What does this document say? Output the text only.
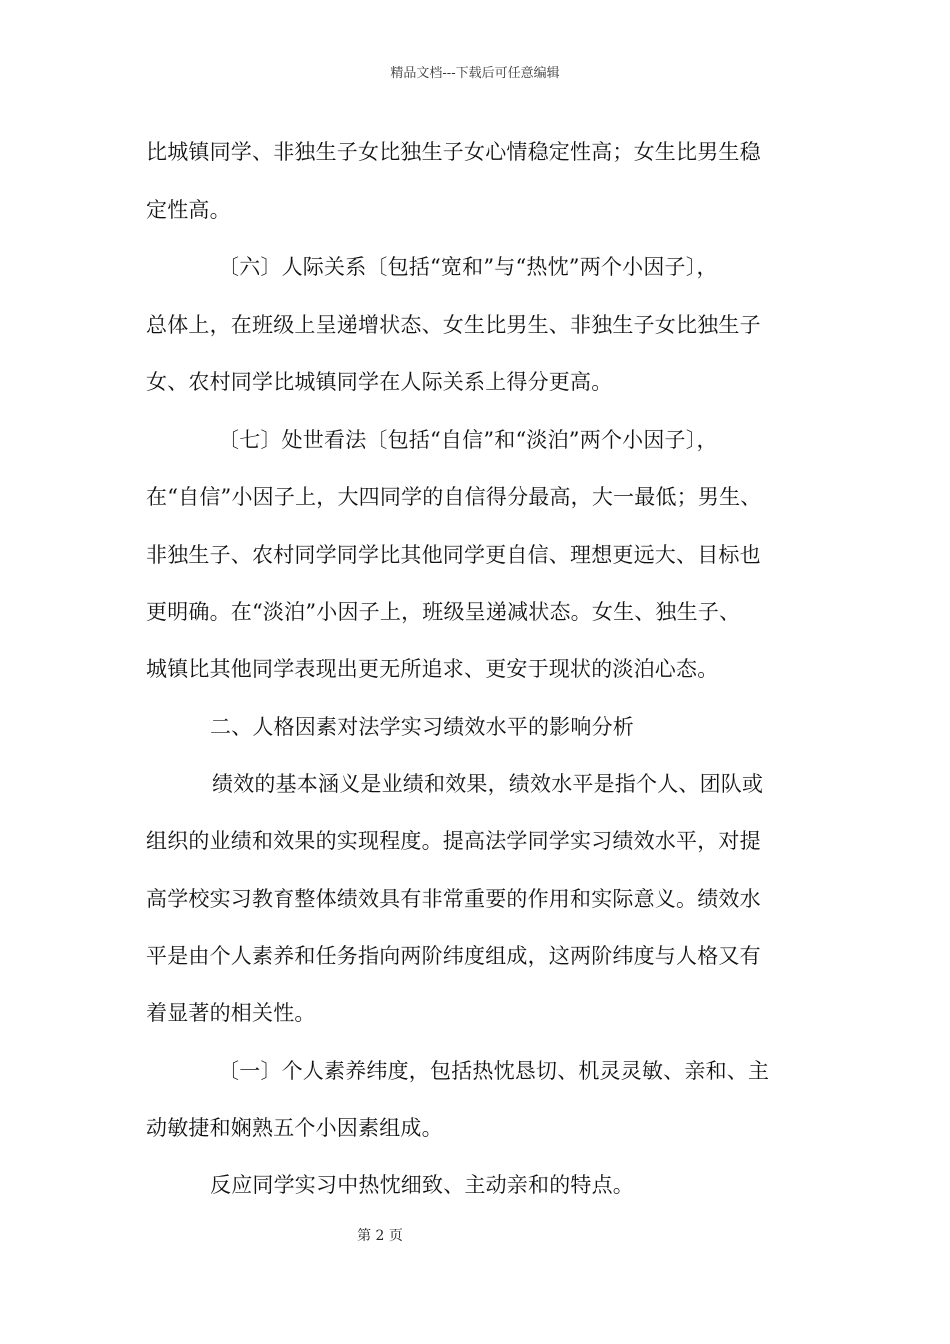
精品文档---下载后可任意编辑
比城镇同学、非独生子女比独生子女心情稳定性高；女生比男生稳
定性高。
〔六〕人际关系〔包括“宽和”与“热忱”两个小因子〕，
总体上，在班级上呈递增状态、女生比男生、非独生子女比独生子
女、农村同学比城镇同学在人际关系上得分更高。
〔七〕处世看法〔包括“自信”和“淡泊”两个小因子〕，
在“自信”小因子上，大四同学的自信得分最高，大一最低；男生、
非独生子、农村同学同学比其他同学更自信、理想更远大、目标也
更明确。在“淡泊”小因子上，班级呈递减状态。女生、独生子、
城镇比其他同学表现出更无所追求、更安于现状的淡泊心态。
二、人格因素对法学实习绩效水平的影响分析
绩效的基本涵义是业绩和效果，绩效水平是指个人、团队或
组织的业绩和效果的实现程度。提高法学同学实习绩效水平，对提
高学校实习教育整体绩效具有非常重要的作用和实际意义。绩效水
平是由个人素养和任务指向两阶纬度组成，这两阶纬度与人格又有
着显著的相关性。
〔一〕个人素养纬度，包括热忱恳切、机灵灵敏、亲和、主
动敏捷和娴熟五个小因素组成。
反应同学实习中热忱细致、主动亲和的特点。
第 2 页
